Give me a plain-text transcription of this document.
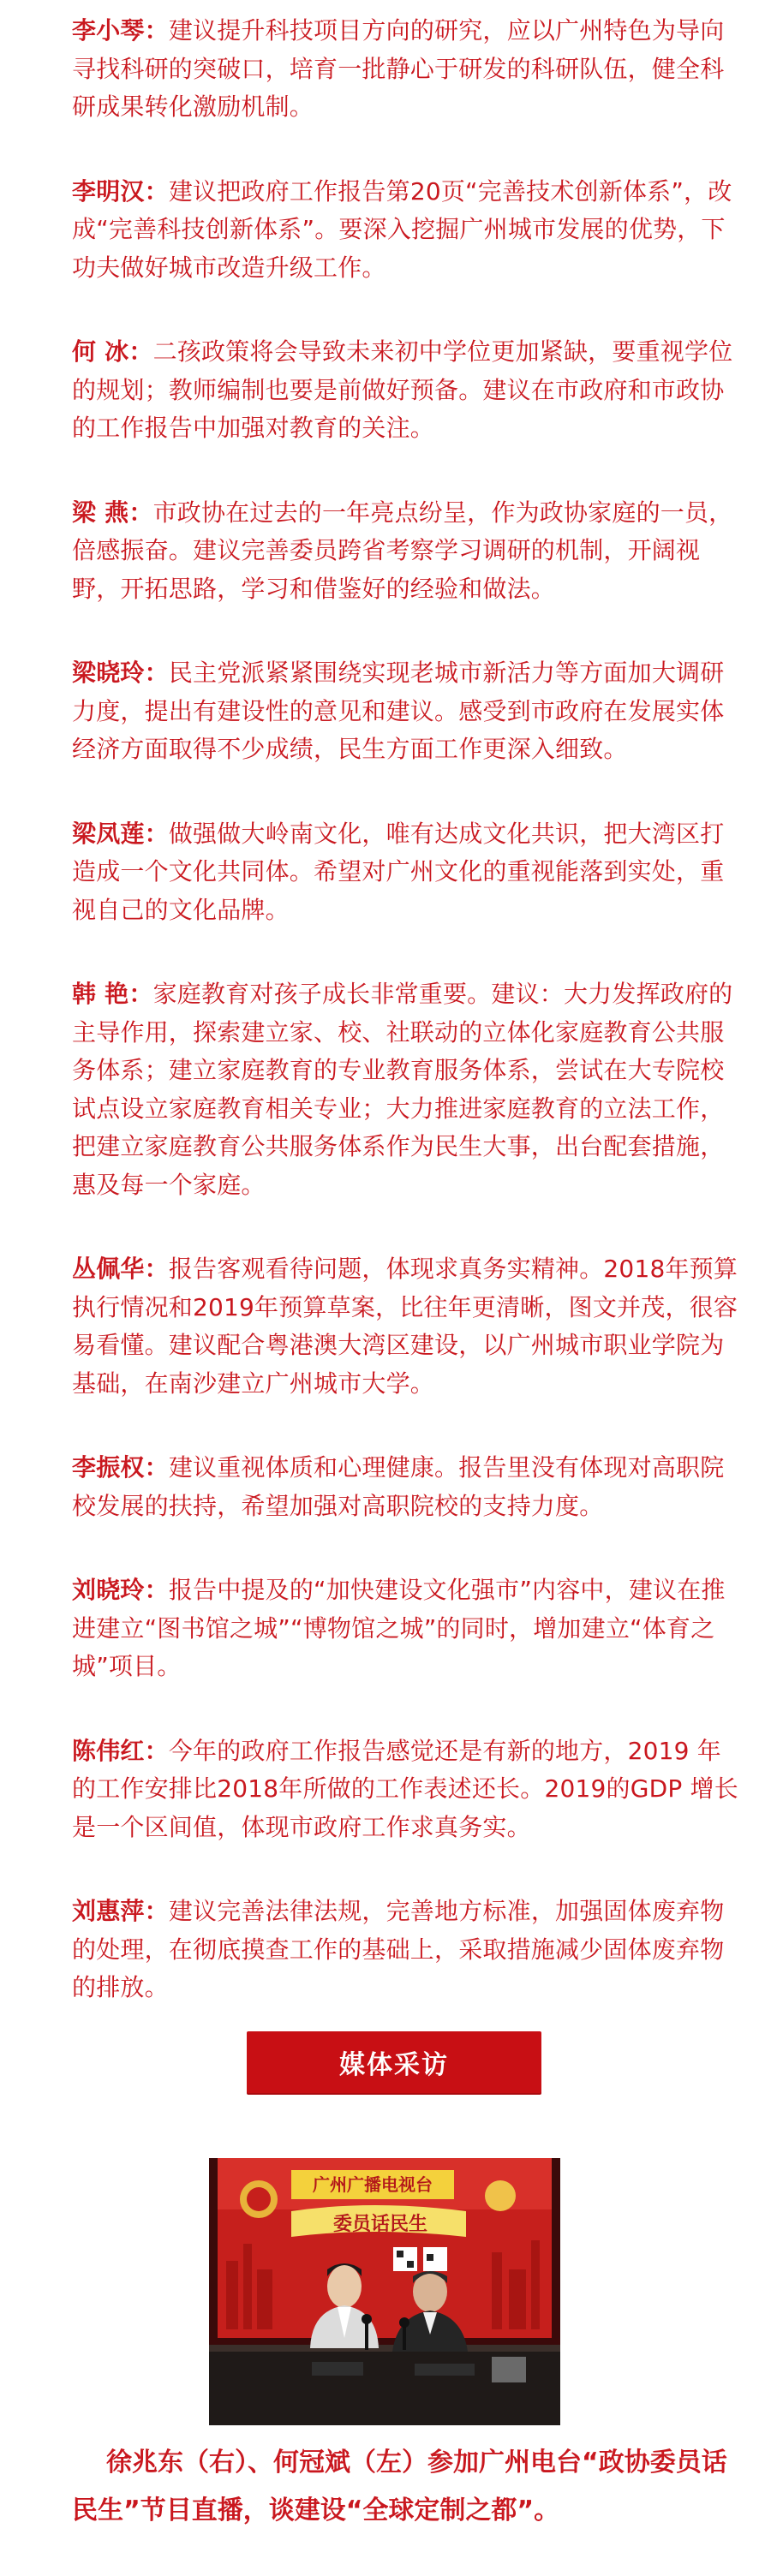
李小琴：建议提升科技项目方向的研究，应以广州特色为导向寻找科研的突破口，培育一批静心于研发的科研队伍，健全科研成果转化激励机制。

李明汉：建议把政府工作报告第20页“完善技术创新体系”，改成“完善科技创新体系”。要深入挖掘广州城市发展的优势，下功夫做好城市改造升级工作。

何 冰：二孩政策将会导致未来初中学位更加紧缺，要重视学位的规划；教师编制也要是前做好预备。建议在市政府和市政协的工作报告中加强对教育的关注。

梁 燕：市政协在过去的一年亮点纷呈，作为政协家庭的一员，倍感振奋。建议完善委员跨省考察学习调研的机制，开阔视野，开拓思路，学习和借鉴好的经验和做法。

梁晓玲：民主党派紧紧围绕实现老城市新活力等方面加大调研力度，提出有建设性的意见和建议。感受到市政府在发展实体经济方面取得不少成绩，民生方面工作更深入细致。

梁凤莲：做强做大岭南文化，唯有达成文化共识，把大湾区打造成一个文化共同体。希望对广州文化的重视能落到实处，重视自己的文化品牌。

韩 艳：家庭教育对孩子成长非常重要。建议：大力发挥政府的主导作用，探索建立家、校、社联动的立体化家庭教育公共服务体系；建立家庭教育的专业教育服务体系，尝试在大专院校试点设立家庭教育相关专业；大力推进家庭教育的立法工作，把建立家庭教育公共服务体系作为民生大事，出台配套措施，惠及每一个家庭。

丛佩华：报告客观看待问题，体现求真务实精神。2018年预算执行情况和2019年预算草案，比往年更清晰，图文并茂，很容易看懂。建议配合粤港澳大湾区建设，以广州城市职业学院为基础，在南沙建立广州城市大学。

李振权：建议重视体质和心理健康。报告里没有体现对高职院校发展的扶持，希望加强对高职院校的支持力度。

刘晓玲：报告中提及的“加快建设文化强市”内容中，建议在推进建立“图书馆之城”“博物馆之城”的同时，增加建立“体育之城”项目。

陈伟红：今年的政府工作报告感觉还是有新的地方，2019 年的工作安排比2018年所做的工作表述还长。2019的GDP 增长是一个区间值，体现市政府工作求真务实。

刘惠萍：建议完善法律法规，完善地方标准，加强固体废弃物的处理，在彻底摸查工作的基础上，采取措施减少固体废弃物的排放。

媒体采访
广州广播电视台
委员话民生
徐兆东（右）、何冠斌（左）参加广州电台“政协委员话民生”节目直播，谈建设“全球定制之都”。
